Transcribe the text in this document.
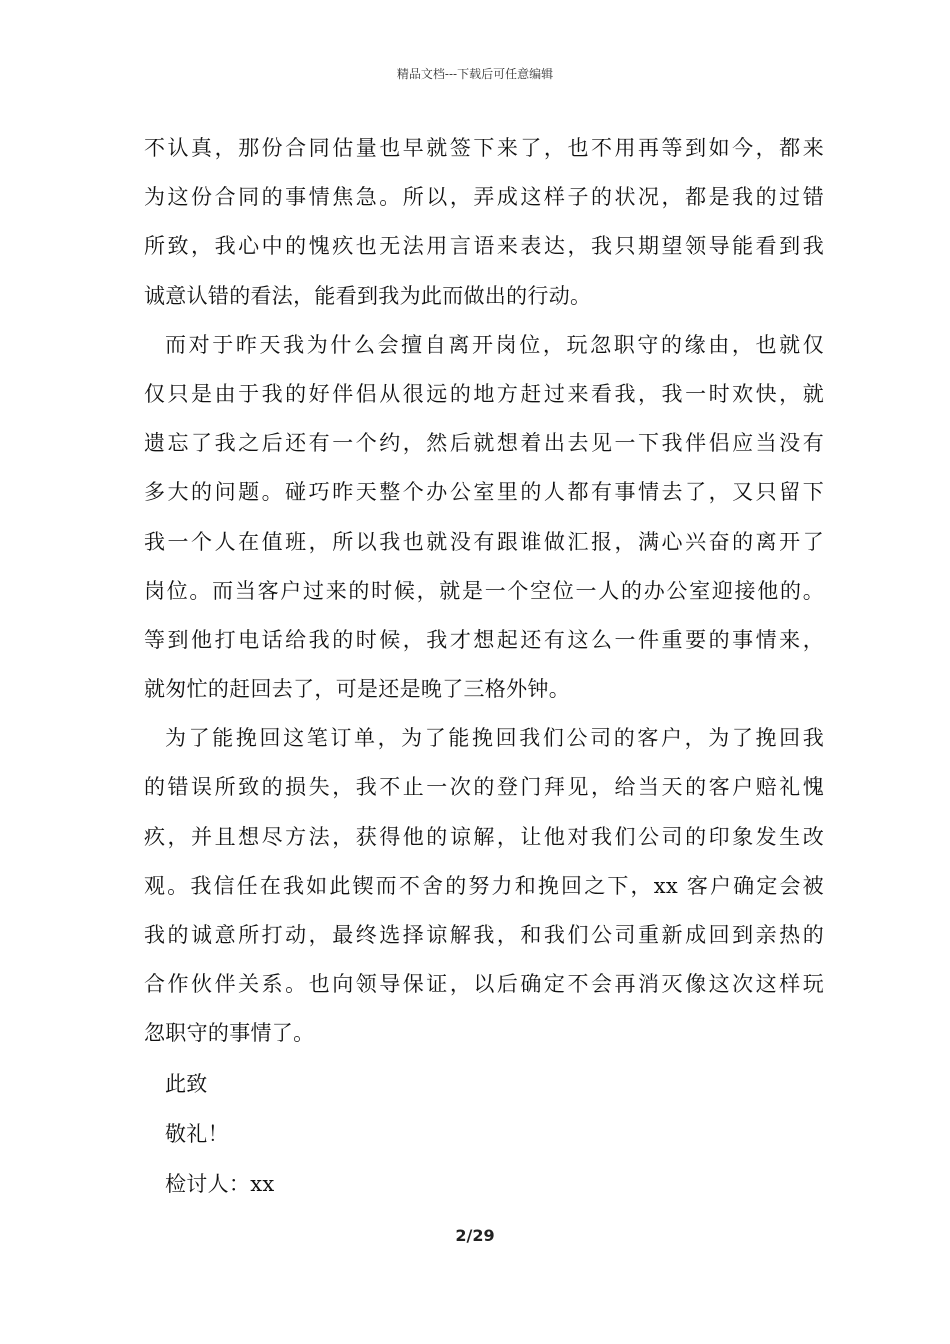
精品文档---下载后可任意编辑
不认真，那份合同估量也早就签下来了，也不用再等到如今，都来
为这份合同的事情焦急。所以，弄成这样子的状况，都是我的过错
所致，我心中的愧疚也无法用言语来表达，我只期望领导能看到我
诚意认错的看法，能看到我为此而做出的行动。
而对于昨天我为什么会擅自离开岗位，玩忽职守的缘由，也就仅
仅只是由于我的好伴侣从很远的地方赶过来看我，我一时欢快，就
遗忘了我之后还有一个约，然后就想着出去见一下我伴侣应当没有
多大的问题。碰巧昨天整个办公室里的人都有事情去了，又只留下
我一个人在值班，所以我也就没有跟谁做汇报，满心兴奋的离开了
岗位。而当客户过来的时候，就是一个空位一人的办公室迎接他的。
等到他打电话给我的时候，我才想起还有这么一件重要的事情来，
就匆忙的赶回去了，可是还是晚了三格外钟。
为了能挽回这笔订单，为了能挽回我们公司的客户，为了挽回我
的错误所致的损失，我不止一次的登门拜见，给当天的客户赔礼愧
疚，并且想尽方法，获得他的谅解，让他对我们公司的印象发生改
观。我信任在我如此锲而不舍的努力和挽回之下，xx 客户确定会被
我的诚意所打动，最终选择谅解我，和我们公司重新成回到亲热的
合作伙伴关系。也向领导保证，以后确定不会再消灭像这次这样玩
忽职守的事情了。
此致
敬礼！
检讨人：xx
2/29
